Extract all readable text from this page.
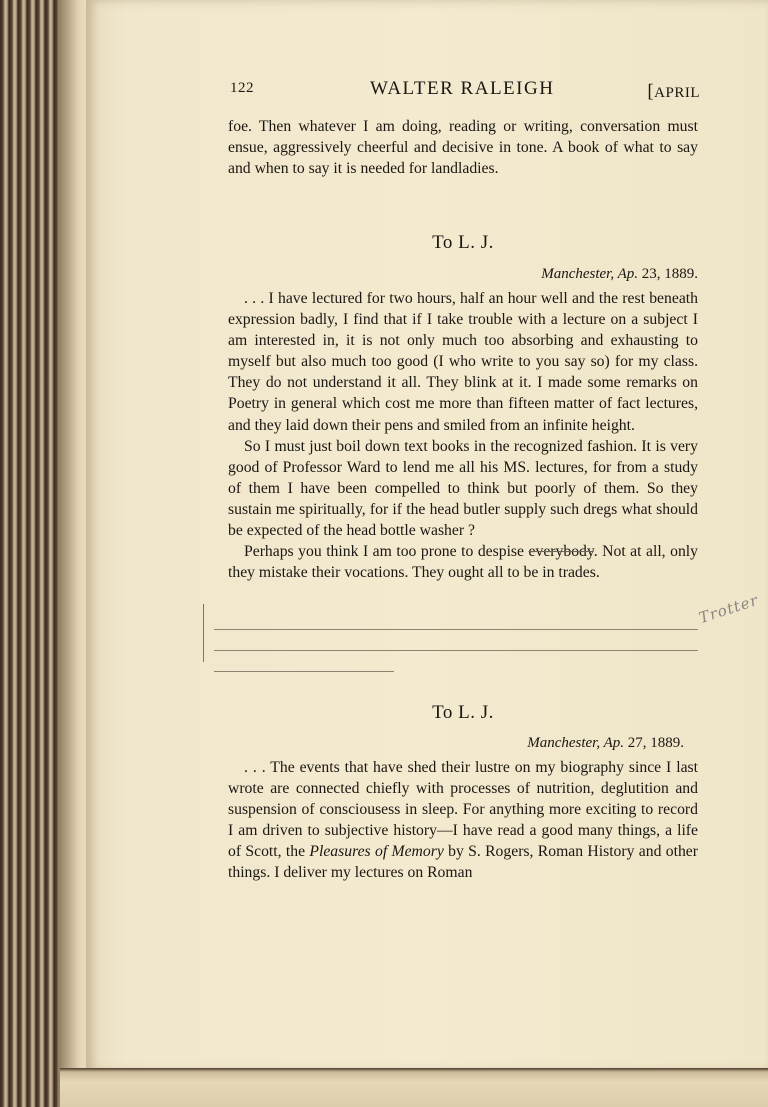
122	WALTER RALEIGH	[APRIL

foe. Then whatever I am doing, reading or writing, conversation must ensue, aggressively cheerful and decisive in tone. A book of what to say and when to say it is needed for landladies.

To L. J.
Manchester, Ap. 23, 1889.

. . . I have lectured for two hours, half an hour well and the rest beneath expression badly, I find that if I take trouble with a lecture on a subject I am interested in, it is not only much too absorbing and exhausting to myself but also much too good (I who write to you say so) for my class. They do not understand it all. They blink at it. I made some remarks on Poetry in general which cost me more than fifteen matter of fact lectures, and they laid down their pens and smiled from an infinite height.

So I must just boil down text books in the recognized fashion. It is very good of Professor Ward to lend me all his MS. lectures, for from a study of them I have been compelled to think but poorly of them. So they sustain me spiritually, for if the head butler supply such dregs what should be expected of the head bottle washer ?

Perhaps you think I am too prone to despise everybody. Not at all, only they mistake their vocations. They ought all to be in trades.

Trotter
To L. J.
Manchester, Ap. 27, 1889.

. . . The events that have shed their lustre on my biography since I last wrote are connected chiefly with processes of nutrition, deglutition and suspension of consciousess in sleep. For anything more exciting to record I am driven to subjective history—I have read a good many things, a life of Scott, the Pleasures of Memory by S. Rogers, Roman History and other things. I deliver my lectures on Roman
